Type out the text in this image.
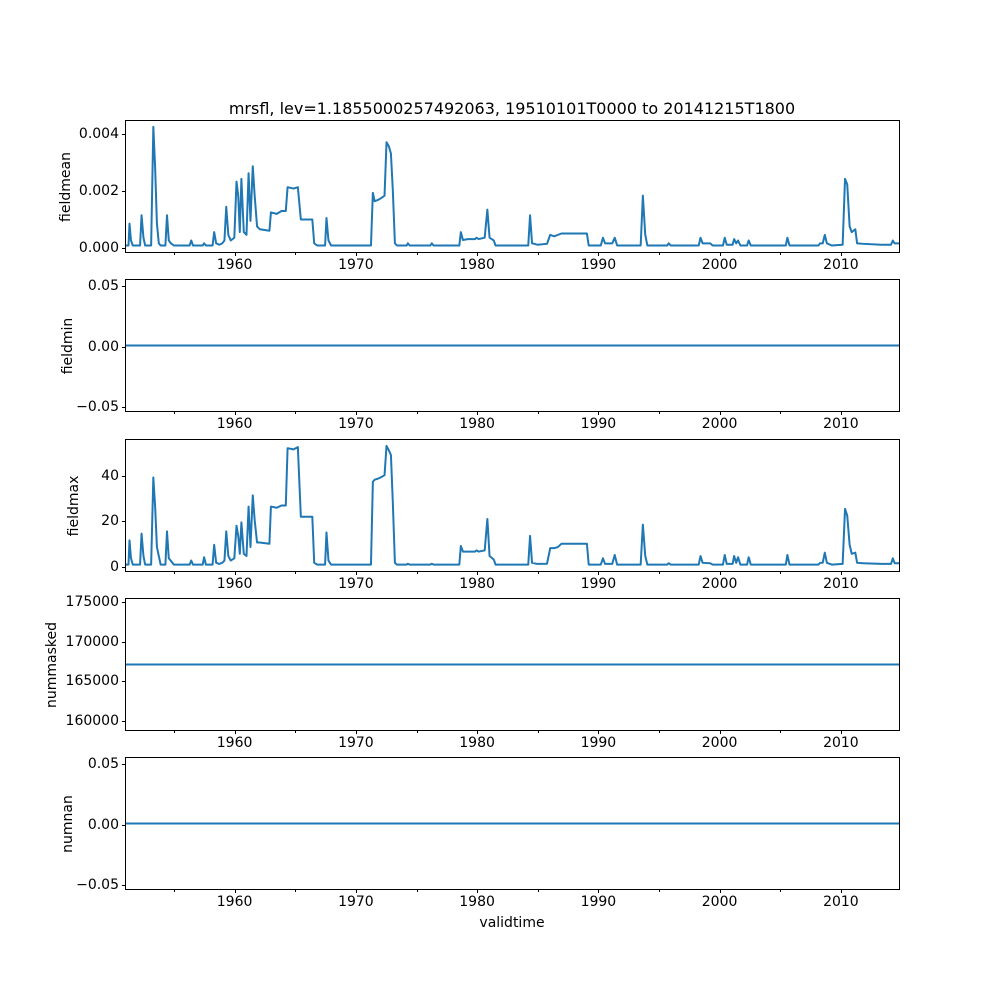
mrsfl, lev=1.1855000257492063, 19510101T0000 to 20141215T1800
fieldmean
1960	1970	1980	1990	2000	2010
0.000
0.002
0.004
fieldmin
1960	1970	1980	1990	2000	2010
−0.05
0.00
0.05
fieldmax
1960	1970	1980	1990	2000	2010
0
20
40
nummasked
1960	1970	1980	1990	2000	2010
160000
165000
170000
175000
numnan
1960	1970	1980	1990	2000	2010
−0.05
0.00
0.05
validtime
